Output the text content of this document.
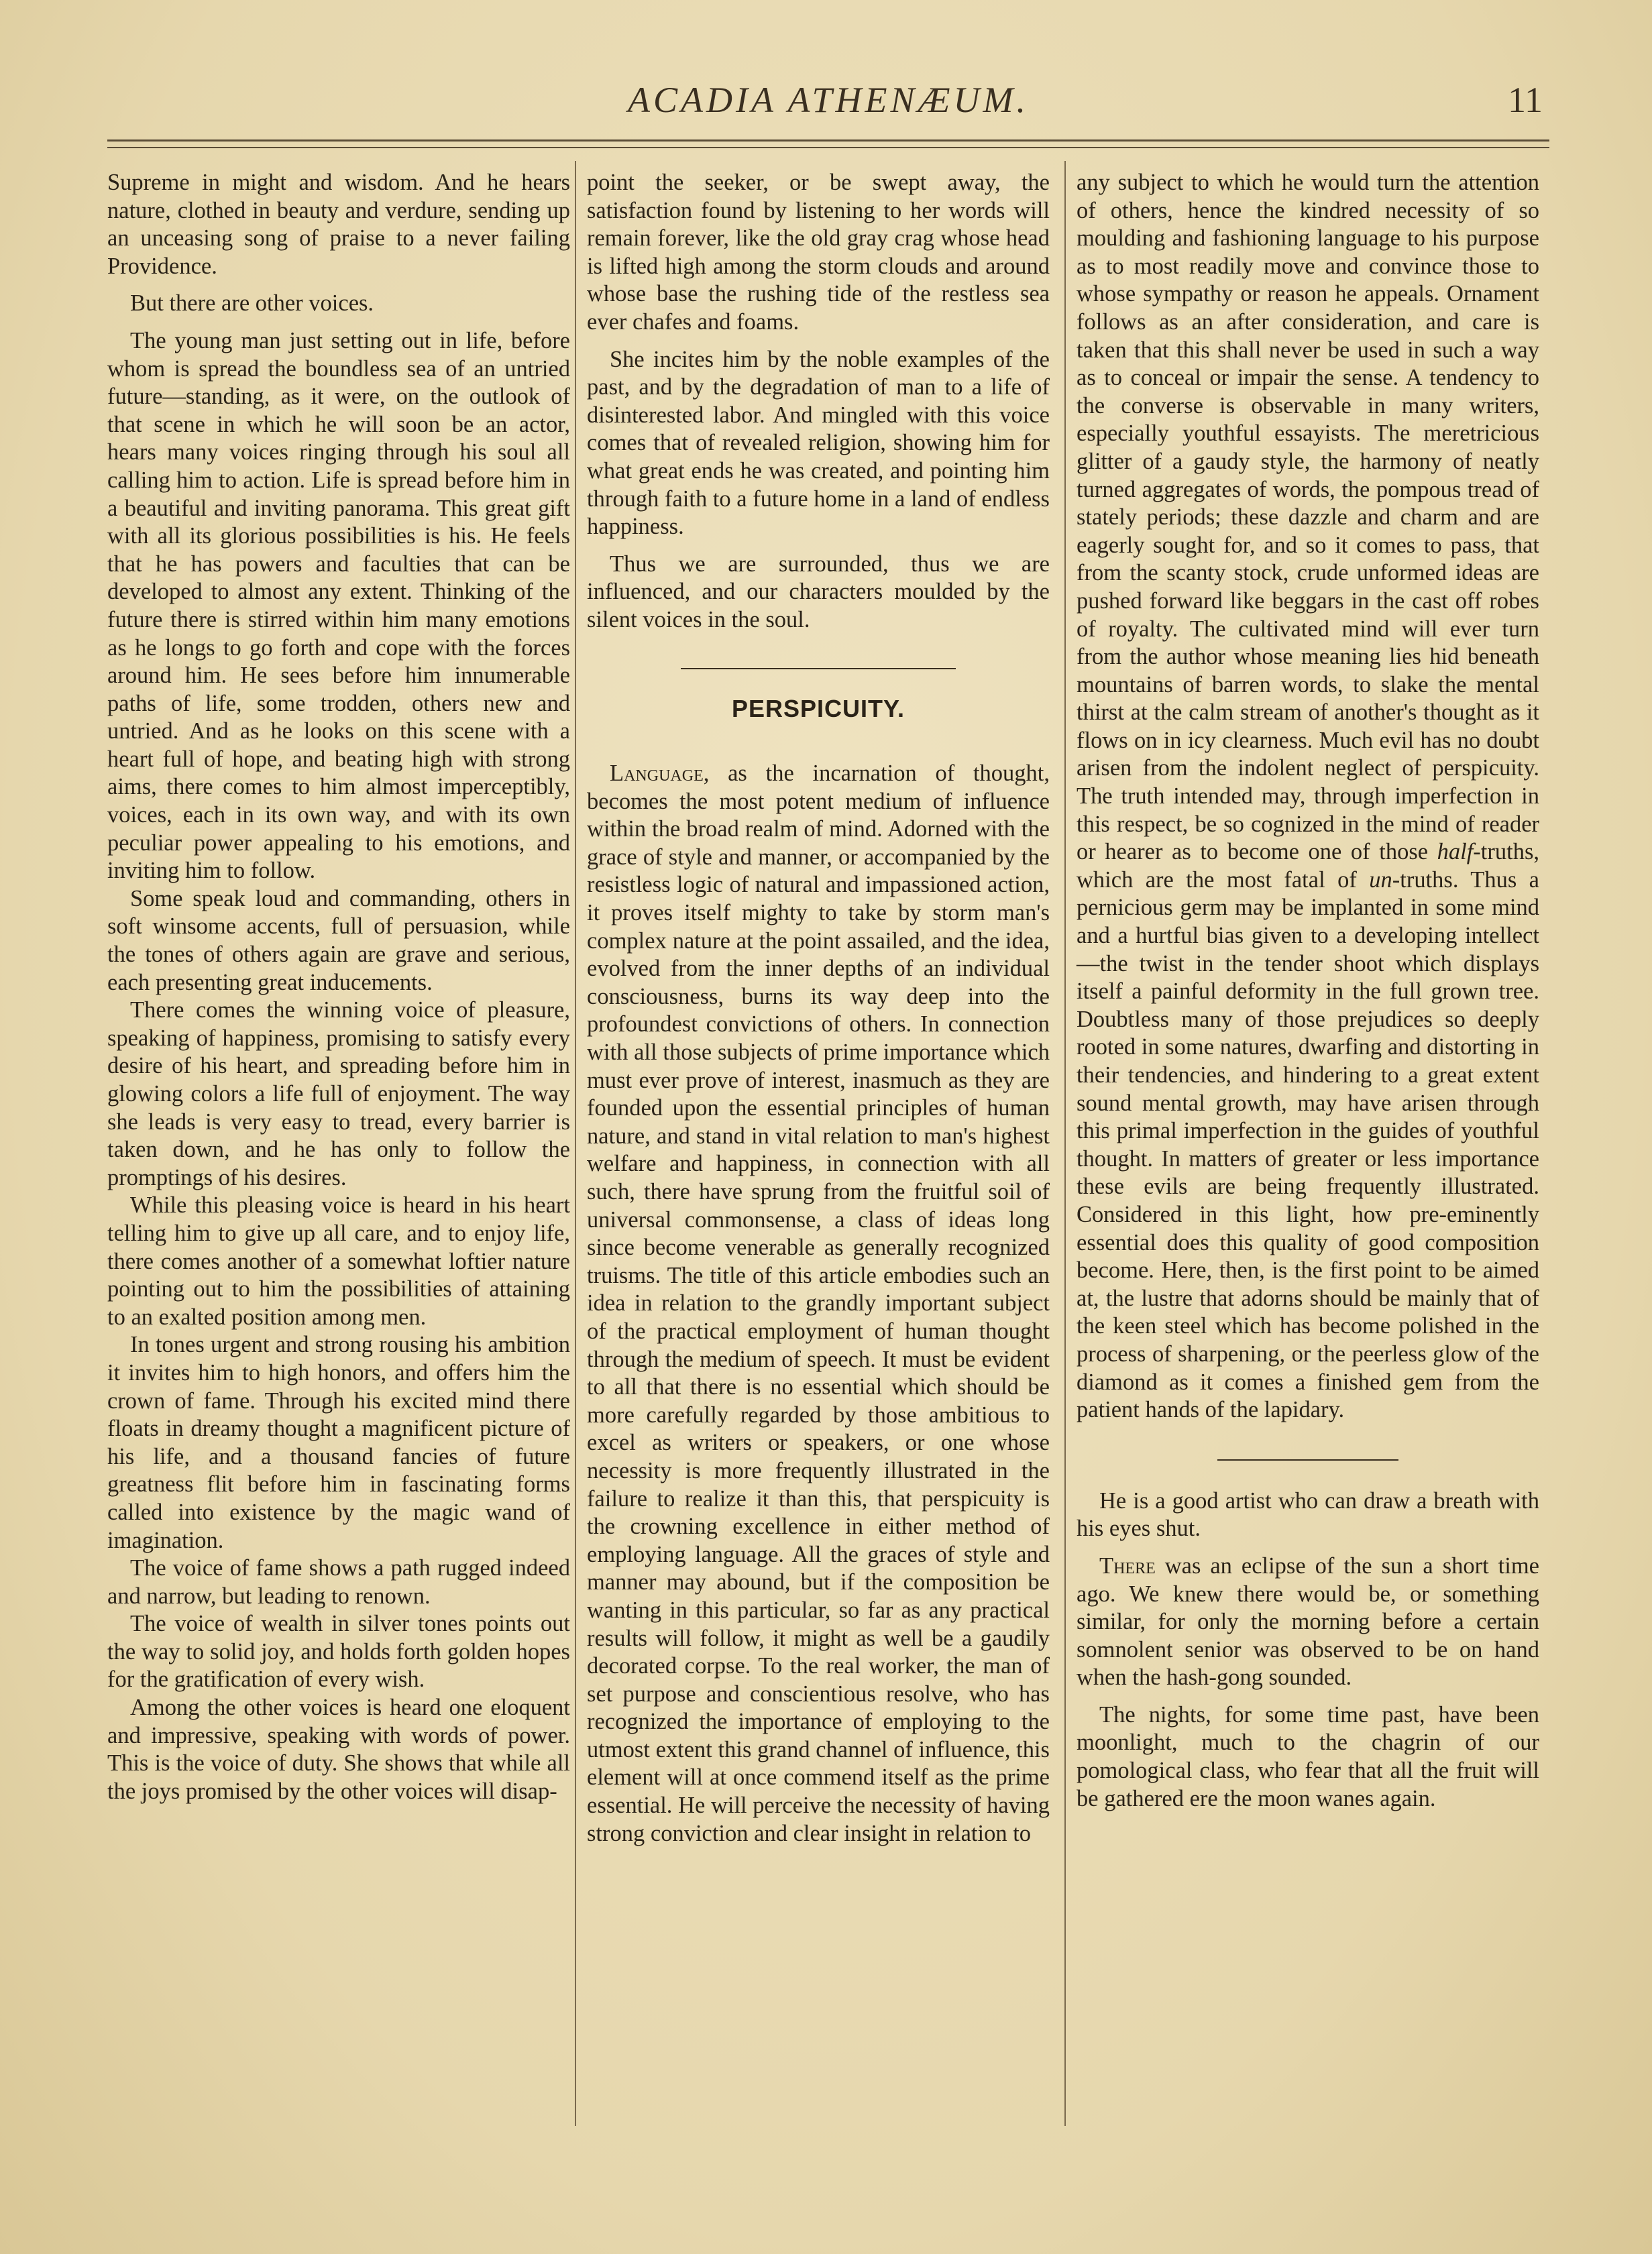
ACADIA ATHENÆUM.	11

Supreme in might and wisdom. And he hears nature, clothed in beauty and verdure, sending up an unceasing song of praise to a never failing Providence.

But there are other voices.

The young man just setting out in life, before whom is spread the boundless sea of an untried future—standing, as it were, on the outlook of that scene in which he will soon be an actor, hears many voices ringing through his soul all calling him to action. Life is spread before him in a beautiful and inviting panorama. This great gift with all its glorious possibilities is his. He feels that he has powers and faculties that can be developed to almost any extent. Thinking of the future there is stirred within him many emotions as he longs to go forth and cope with the forces around him. He sees before him innumerable paths of life, some trodden, others new and untried. And as he looks on this scene with a heart full of hope, and beating high with strong aims, there comes to him almost imperceptibly, voices, each in its own way, and with its own peculiar power appealing to his emotions, and inviting him to follow.

Some speak loud and commanding, others in soft winsome accents, full of persuasion, while the tones of others again are grave and serious, each presenting great inducements.

There comes the winning voice of pleasure, speaking of happiness, promising to satisfy every desire of his heart, and spreading before him in glowing colors a life full of enjoyment. The way she leads is very easy to tread, every barrier is taken down, and he has only to follow the promptings of his desires.

While this pleasing voice is heard in his heart telling him to give up all care, and to enjoy life, there comes another of a somewhat loftier nature pointing out to him the possibilities of attaining to an exalted position among men.

In tones urgent and strong rousing his ambition it invites him to high honors, and offers him the crown of fame. Through his excited mind there floats in dreamy thought a magnificent picture of his life, and a thousand fancies of future greatness flit before him in fascinating forms called into existence by the magic wand of imagination.

The voice of fame shows a path rugged indeed and narrow, but leading to renown.

The voice of wealth in silver tones points out the way to solid joy, and holds forth golden hopes for the gratification of every wish.

Among the other voices is heard one eloquent and impressive, speaking with words of power. This is the voice of duty. She shows that while all the joys promised by the other voices will disap-

point the seeker, or be swept away, the satisfaction found by listening to her words will remain forever, like the old gray crag whose head is lifted high among the storm clouds and around whose base the rushing tide of the restless sea ever chafes and foams.

She incites him by the noble examples of the past, and by the degradation of man to a life of disinterested labor. And mingled with this voice comes that of revealed religion, showing him for what great ends he was created, and pointing him through faith to a future home in a land of endless happiness.

Thus we are surrounded, thus we are influenced, and our characters moulded by the silent voices in the soul.

PERSPICUITY.

Language, as the incarnation of thought, becomes the most potent medium of influence within the broad realm of mind. Adorned with the grace of style and manner, or accompanied by the resistless logic of natural and impassioned action, it proves itself mighty to take by storm man's complex nature at the point assailed, and the idea, evolved from the inner depths of an individual consciousness, burns its way deep into the profoundest convictions of others. In connection with all those subjects of prime importance which must ever prove of interest, inasmuch as they are founded upon the essential principles of human nature, and stand in vital relation to man's highest welfare and happiness, in connection with all such, there have sprung from the fruitful soil of universal commonsense, a class of ideas long since become venerable as generally recognized truisms. The title of this article embodies such an idea in relation to the grandly important subject of the practical employment of human thought through the medium of speech. It must be evident to all that there is no essential which should be more carefully regarded by those ambitious to excel as writers or speakers, or one whose necessity is more frequently illustrated in the failure to realize it than this, that perspicuity is the crowning excellence in either method of employing language. All the graces of style and manner may abound, but if the composition be wanting in this particular, so far as any practical results will follow, it might as well be a gaudily decorated corpse. To the real worker, the man of set purpose and conscientious resolve, who has recognized the importance of employing to the utmost extent this grand channel of influence, this element will at once commend itself as the prime essential. He will perceive the necessity of having strong conviction and clear insight in relation to

any subject to which he would turn the attention of others, hence the kindred necessity of so moulding and fashioning language to his purpose as to most readily move and convince those to whose sympathy or reason he appeals. Ornament follows as an after consideration, and care is taken that this shall never be used in such a way as to conceal or impair the sense. A tendency to the converse is observable in many writers, especially youthful essayists. The meretricious glitter of a gaudy style, the harmony of neatly turned aggregates of words, the pompous tread of stately periods; these dazzle and charm and are eagerly sought for, and so it comes to pass, that from the scanty stock, crude unformed ideas are pushed forward like beggars in the cast off robes of royalty. The cultivated mind will ever turn from the author whose meaning lies hid beneath mountains of barren words, to slake the mental thirst at the calm stream of another's thought as it flows on in icy clearness. Much evil has no doubt arisen from the indolent neglect of perspicuity. The truth intended may, through imperfection in this respect, be so cognized in the mind of reader or hearer as to become one of those half-truths, which are the most fatal of un-truths. Thus a pernicious germ may be implanted in some mind and a hurtful bias given to a developing intellect—the twist in the tender shoot which displays itself a painful deformity in the full grown tree. Doubtless many of those prejudices so deeply rooted in some natures, dwarfing and distorting in their tendencies, and hindering to a great extent sound mental growth, may have arisen through this primal imperfection in the guides of youthful thought. In matters of greater or less importance these evils are being frequently illustrated. Considered in this light, how pre-eminently essential does this quality of good composition become. Here, then, is the first point to be aimed at, the lustre that adorns should be mainly that of the keen steel which has become polished in the process of sharpening, or the peerless glow of the diamond as it comes a finished gem from the patient hands of the lapidary.

He is a good artist who can draw a breath with his eyes shut.

There was an eclipse of the sun a short time ago. We knew there would be, or something similar, for only the morning before a certain somnolent senior was observed to be on hand when the hash-gong sounded.

The nights, for some time past, have been moonlight, much to the chagrin of our pomological class, who fear that all the fruit will be gathered ere the moon wanes again.
